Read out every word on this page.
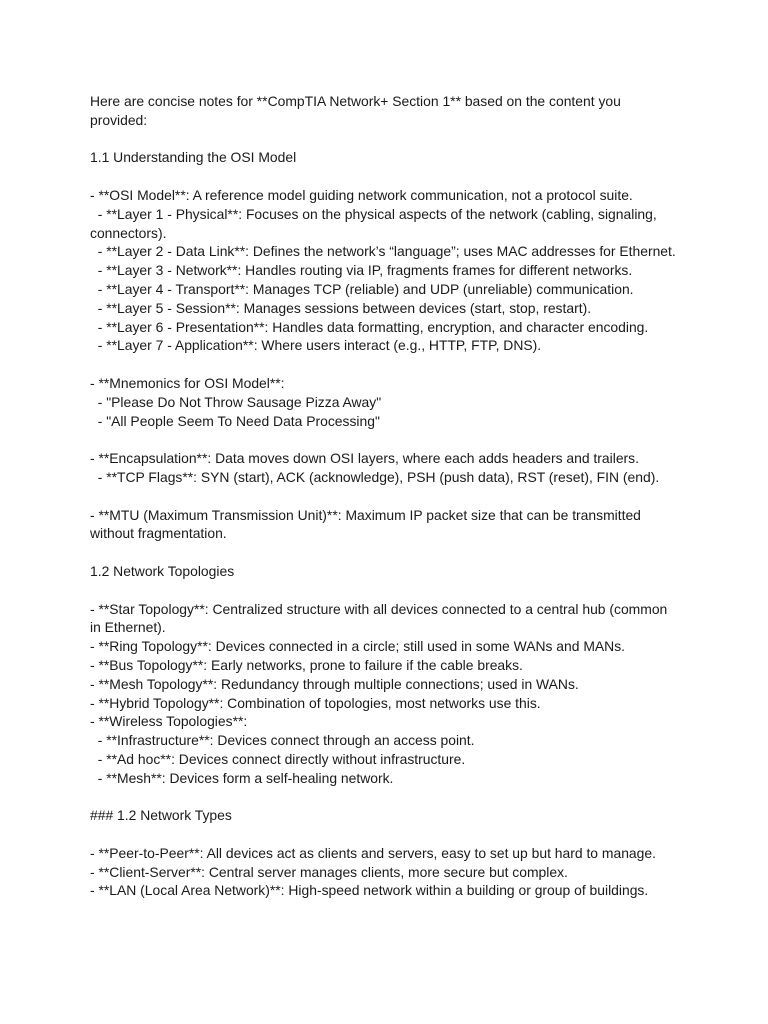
Here are concise notes for **CompTIA Network+ Section 1** based on the content you
provided:
1.1 Understanding the OSI Model
- **OSI Model**: A reference model guiding network communication, not a protocol suite.
- **Layer 1 - Physical**: Focuses on the physical aspects of the network (cabling, signaling,
connectors).
- **Layer 2 - Data Link**: Defines the network’s “language”; uses MAC addresses for Ethernet.
- **Layer 3 - Network**: Handles routing via IP, fragments frames for different networks.
- **Layer 4 - Transport**: Manages TCP (reliable) and UDP (unreliable) communication.
- **Layer 5 - Session**: Manages sessions between devices (start, stop, restart).
- **Layer 6 - Presentation**: Handles data formatting, encryption, and character encoding.
- **Layer 7 - Application**: Where users interact (e.g., HTTP, FTP, DNS).
- **Mnemonics for OSI Model**:
- "Please Do Not Throw Sausage Pizza Away"
- "All People Seem To Need Data Processing"
- **Encapsulation**: Data moves down OSI layers, where each adds headers and trailers.
- **TCP Flags**: SYN (start), ACK (acknowledge), PSH (push data), RST (reset), FIN (end).
- **MTU (Maximum Transmission Unit)**: Maximum IP packet size that can be transmitted
without fragmentation.
1.2 Network Topologies
- **Star Topology**: Centralized structure with all devices connected to a central hub (common
in Ethernet).
- **Ring Topology**: Devices connected in a circle; still used in some WANs and MANs.
- **Bus Topology**: Early networks, prone to failure if the cable breaks.
- **Mesh Topology**: Redundancy through multiple connections; used in WANs.
- **Hybrid Topology**: Combination of topologies, most networks use this.
- **Wireless Topologies**:
- **Infrastructure**: Devices connect through an access point.
- **Ad hoc**: Devices connect directly without infrastructure.
- **Mesh**: Devices form a self-healing network.
### 1.2 Network Types
- **Peer-to-Peer**: All devices act as clients and servers, easy to set up but hard to manage.
- **Client-Server**: Central server manages clients, more secure but complex.
- **LAN (Local Area Network)**: High-speed network within a building or group of buildings.
